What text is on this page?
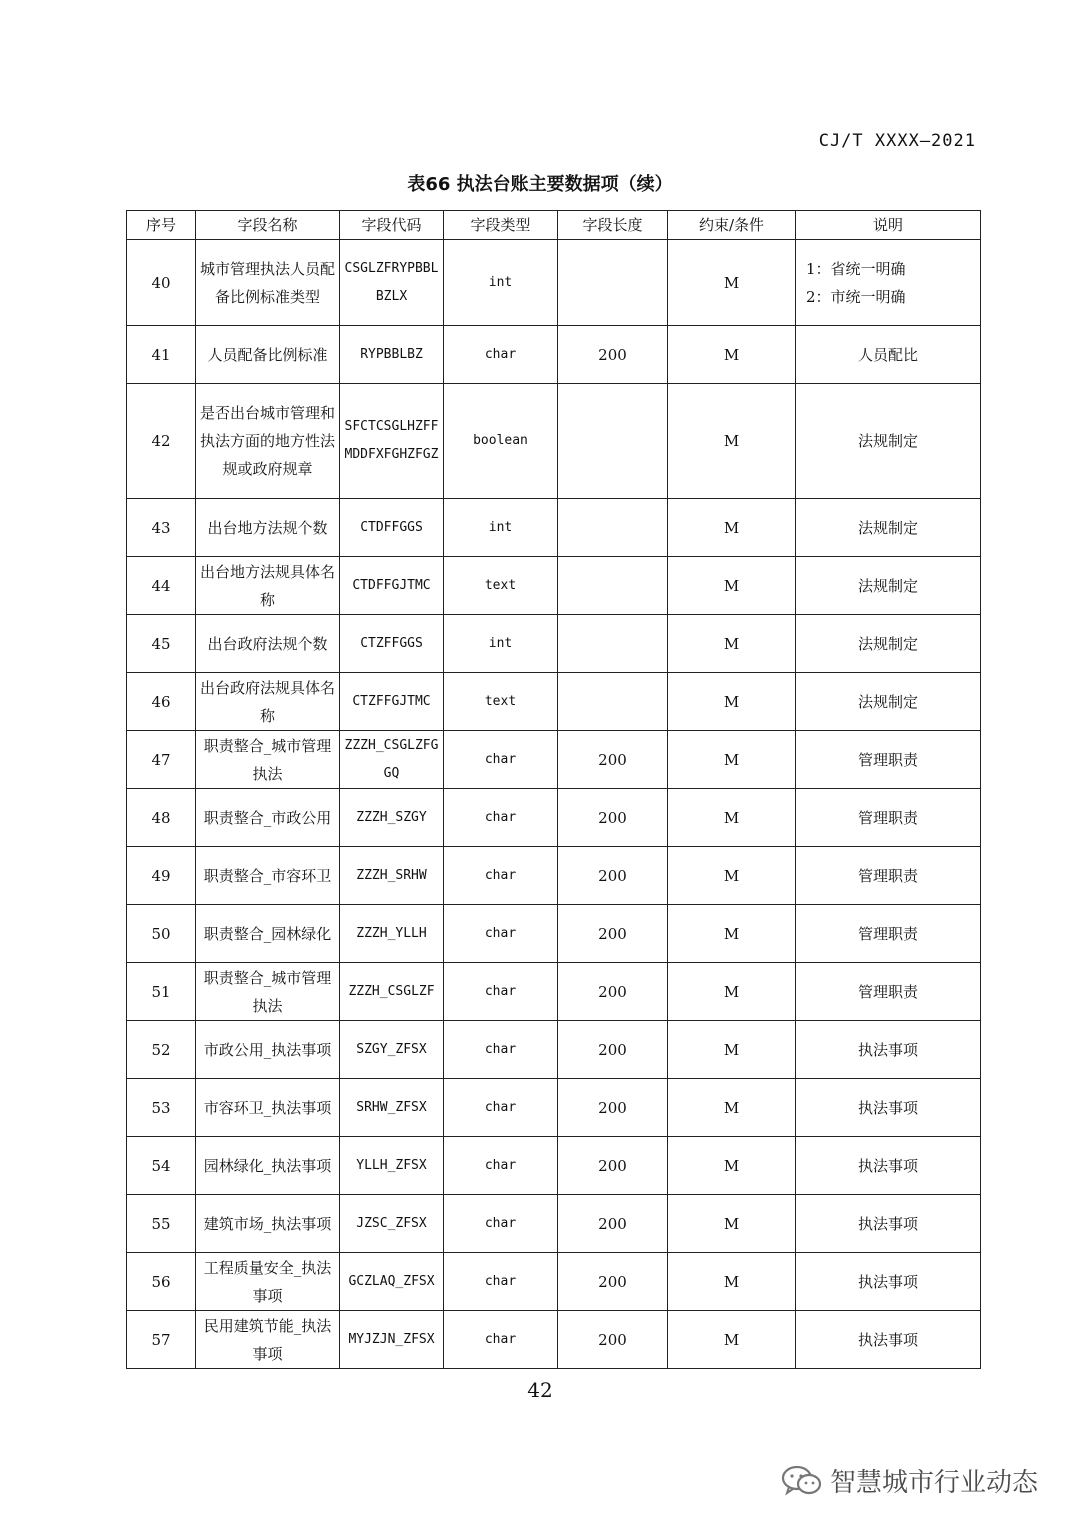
CJ/T XXXX—2021
表66 执法台账主要数据项（续）
序号	字段名称	字段代码	字段类型	字段长度	约束/条件	说明
40	城市管理执法人员配备比例标准类型	CSGLZFRYPBBLBZLX	int		M	1：省统一明确
2：市统一明确

41	人员配备比例标准	RYPBBLBZ	char	200	M	人员配比

42	是否出台城市管理和执法方面的地方性法规或政府规章	SFCTCSGLHZFFMDDFXFGHZFGZ	boolean		M	法规制定

43	出台地方法规个数	CTDFFGGS	int		M	法规制定

44	出台地方法规具体名称	CTDFFGJTMC	text		M	法规制定

45	出台政府法规个数	CTZFFGGS	int		M	法规制定

46	出台政府法规具体名称	CTZFFGJTMC	text		M	法规制定

47	职责整合_城市管理执法	ZZZH_CSGLZFGGQ	char	200	M	管理职责

48	职责整合_市政公用	ZZZH_SZGY	char	200	M	管理职责

49	职责整合_市容环卫	ZZZH_SRHW	char	200	M	管理职责

50	职责整合_园林绿化	ZZZH_YLLH	char	200	M	管理职责

51	职责整合_城市管理执法	ZZZH_CSGLZF	char	200	M	管理职责

52	市政公用_执法事项	SZGY_ZFSX	char	200	M	执法事项

53	市容环卫_执法事项	SRHW_ZFSX	char	200	M	执法事项

54	园林绿化_执法事项	YLLH_ZFSX	char	200	M	执法事项

55	建筑市场_执法事项	JZSC_ZFSX	char	200	M	执法事项

56	工程质量安全_执法事项	GCZLAQ_ZFSX	char	200	M	执法事项

57	民用建筑节能_执法事项	MYJZJN_ZFSX	char	200	M	执法事项
42
智慧城市行业动态
